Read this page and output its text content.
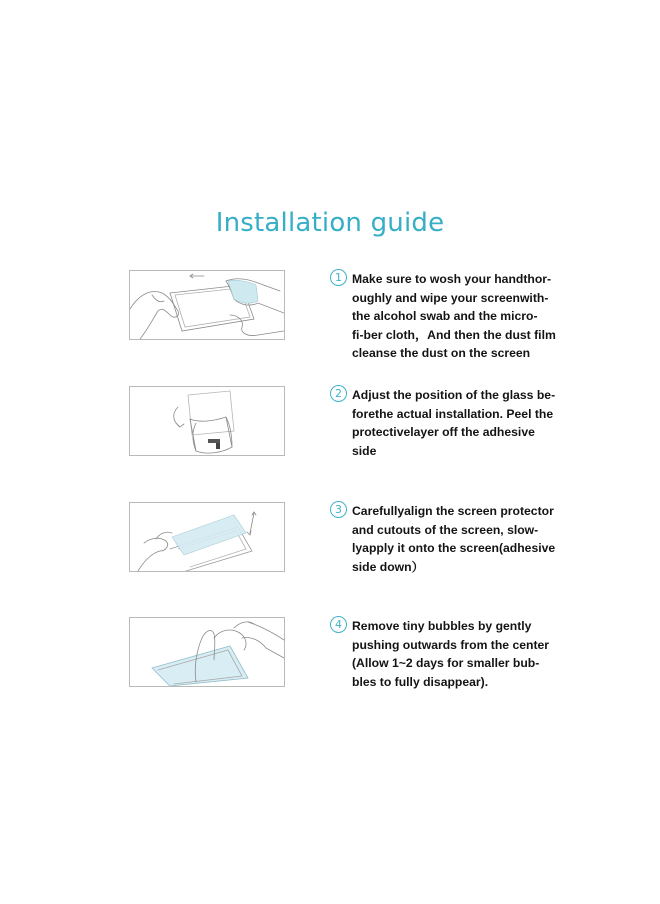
Installation guide
1 Make sure to wosh your handthor-
oughly and wipe your screenwith-
the alcohol swab and the micro-
fi-ber cloth，And then the dust film
cleanse the dust on the screen
2 Adjust the position of the glass be-
forethe actual installation. Peel the
protectivelayer off the adhesive
side
3 Carefullyalign the screen protector
and cutouts of the screen, slow-
lyapply it onto the screen(adhesive
side down）
4 Remove tiny bubbles by gently
pushing outwards from the center
(Allow 1~2 days for smaller bub-
bles to fully disappear).
